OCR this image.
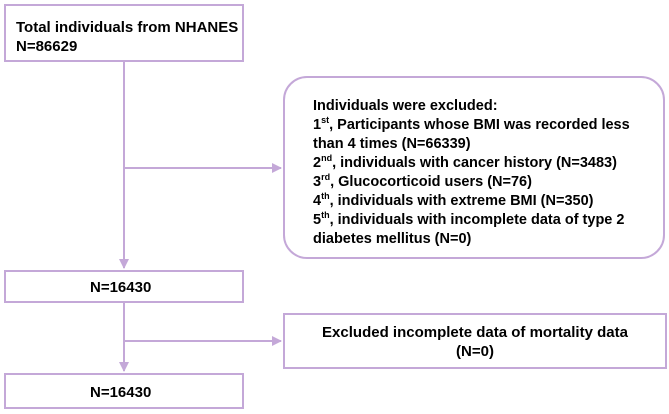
Total individuals from NHANES
N=86629
Individuals were excluded:
1st, Participants whose BMI was recorded less
than 4 times (N=66339)
2nd, individuals with cancer history (N=3483)
3rd, Glucocorticoid users (N=76)
4th, individuals with extreme BMI (N=350)
5th, individuals with incomplete data of type 2
diabetes mellitus (N=0)
N=16430
Excluded incomplete data of mortality data
(N=0)
N=16430
